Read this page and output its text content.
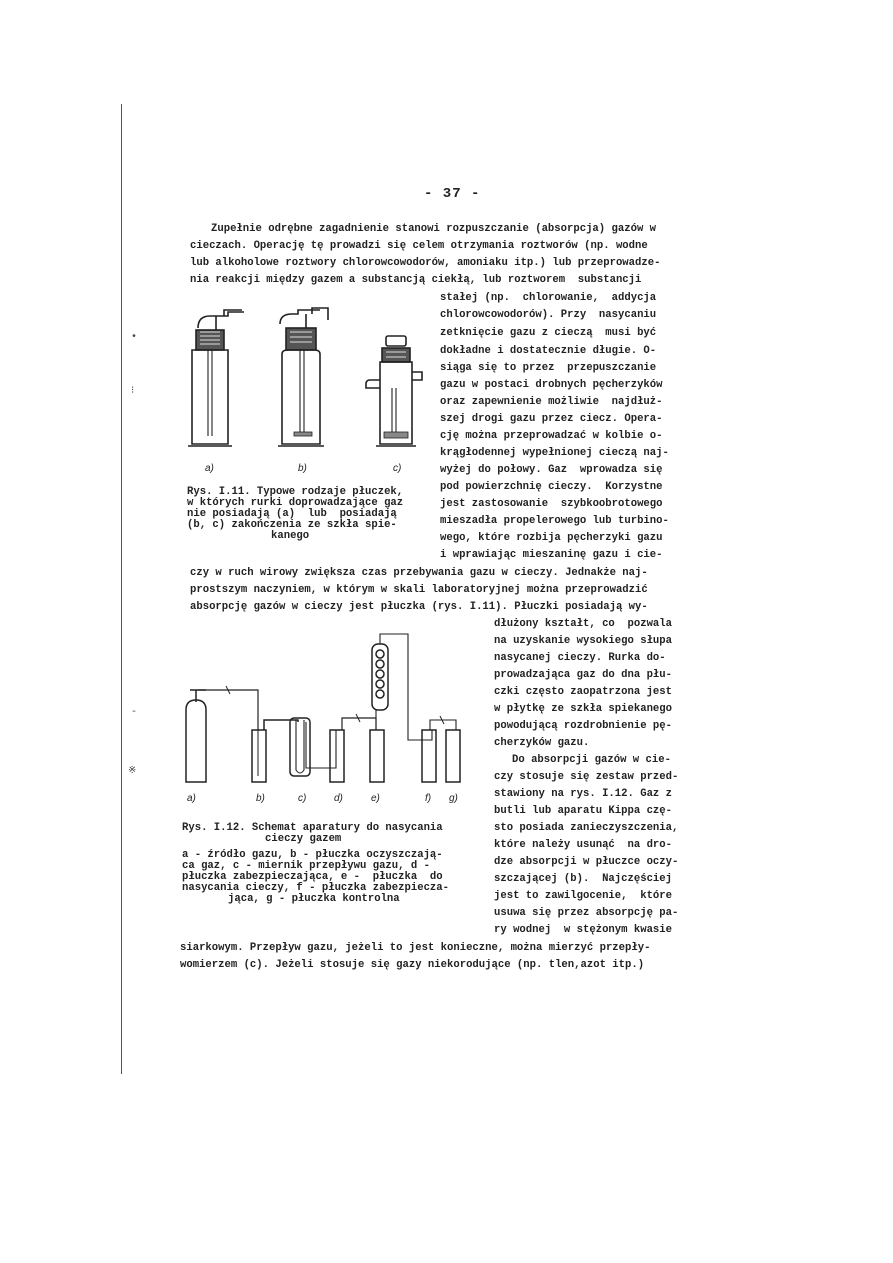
•
⁝
-
※
- 37 -
Zupełnie odrębne zagadnienie stanowi rozpuszczanie (absorpcja) gazów w
cieczach. Operację tę prowadzi się celem otrzymania roztworów (np. wodne
lub alkoholowe roztwory chlorowcowodorów, amoniaku itp.) lub przeprowadze-
nia reakcji między gazem a substancją ciekłą, lub roztworem  substancji
stałej (np.  chlorowanie,  addycja
chlorowcowodorów). Przy  nasycaniu
zetknięcie gazu z cieczą  musi być
dokładne i dostatecznie długie. O-
siąga się to przez  przepuszczanie
gazu w postaci drobnych pęcherzyków
oraz zapewnienie możliwie  najdłuż-
szej drogi gazu przez ciecz. Opera-
cję można przeprowadzać w kolbie o-
krągłodennej wypełnionej cieczą naj-
wyżej do połowy. Gaz  wprowadza się
pod powierzchnię cieczy.  Korzystne
jest zastosowanie  szybkoobrotowego
mieszadła propelerowego lub turbino-
wego, które rozbija pęcherzyki gazu
i wprawiając mieszaninę gazu i cie-
czy w ruch wirowy zwiększa czas przebywania gazu w cieczy. Jednakże naj-
prostszym naczyniem, w którym w skali laboratoryjnej można przeprowadzić
absorpcję gazów w cieczy jest płuczka (rys. I.11). Płuczki posiadają wy-
dłużony kształt, co  pozwala
na uzyskanie wysokiego słupa
nasycanej cieczy. Rurka do-
prowadzająca gaz do dna płu-
czki często zaopatrzona jest
w płytkę ze szkła spiekanego
powodującą rozdrobnienie pę-
cherzyków gazu.
Do absorpcji gazów w cie-
czy stosuje się zestaw przed-
stawiony na rys. I.12. Gaz z
butli lub aparatu Kippa czę-
sto posiada zanieczyszczenia,
które należy usunąć  na dro-
dze absorpcji w płuczce oczy-
szczającej (b).  Najczęściej
jest to zawilgocenie,  które
usuwa się przez absorpcję pa-
ry wodnej  w stężonym kwasie
siarkowym. Przepływ gazu, jeżeli to jest konieczne, można mierzyć przepły-
womierzem (c). Jeżeli stosuje się gazy niekorodujące (np. tlen,azot itp.)
a)	b)	c)
Rys. I.11. Typowe rodzaje płuczek,
w których rurki doprowadzające gaz
nie posiadają (a)  lub  posiadają
(b, c) zakończenia ze szkła spie-
kanego
a)	b)	c)	d)	e)	f) g)
Rys. I.12. Schemat aparatury do nasycania
cieczy gazem
a - źródło gazu, b - płuczka oczyszczają-
ca gaz, c - miernik przepływu gazu, d -
płuczka zabezpieczająca, e -  płuczka  do
nasycania cieczy, f - płuczka zabezpiecza-
jąca, g - płuczka kontrolna
